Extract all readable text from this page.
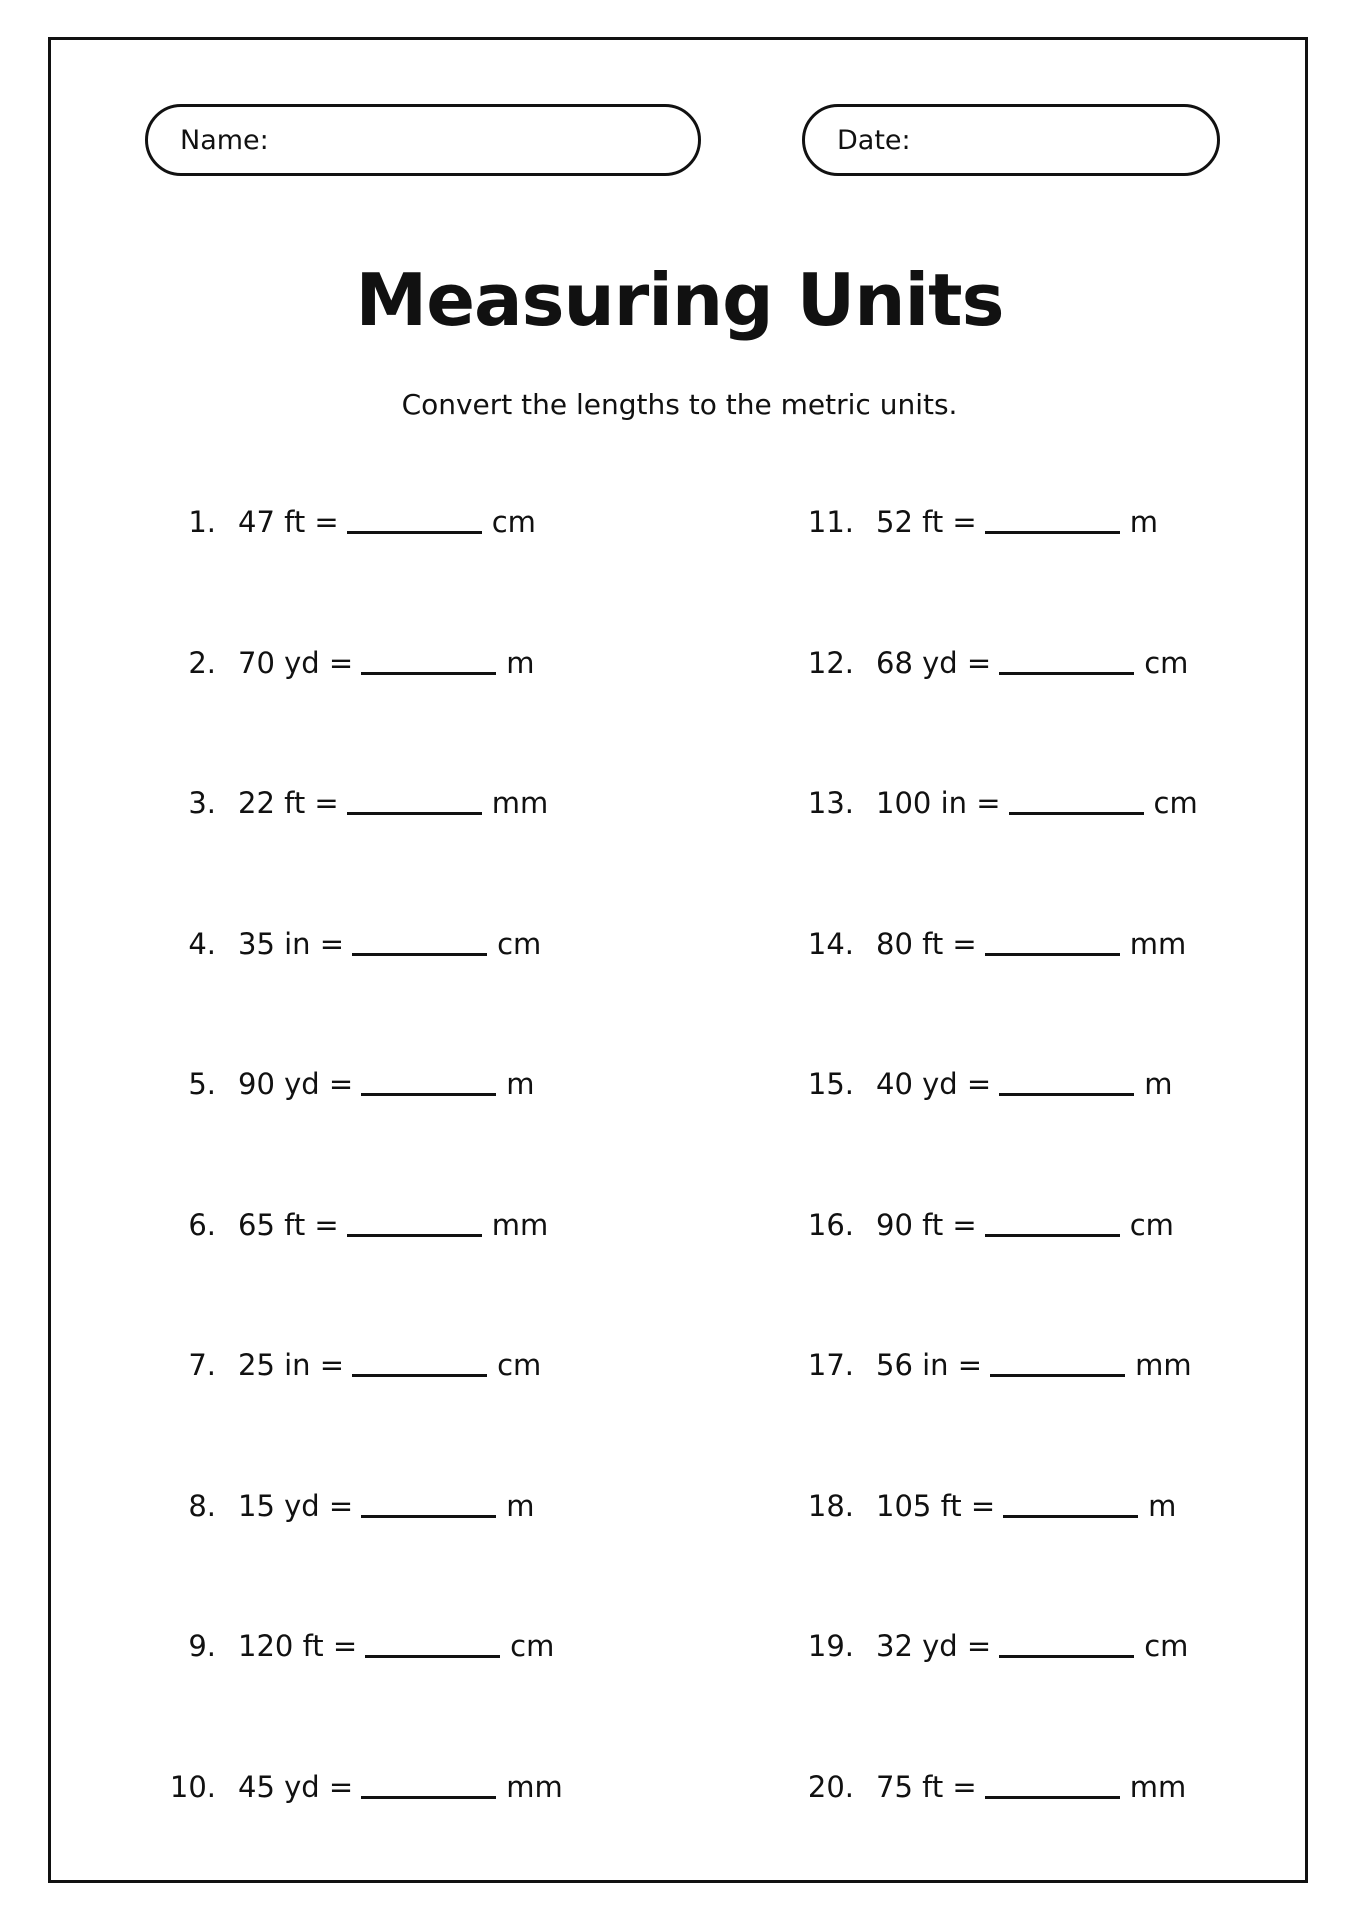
Name:	Date:
Measuring Units
Convert the lengths to the metric units.
1. 47 ft =	cm
2. 70 yd =	m
3. 22 ft =	mm
4. 35 in =	cm
5. 90 yd =	m
6. 65 ft =	mm
7. 25 in =	cm
8. 15 yd =	m
9. 120 ft =	cm
10. 45 yd =	mm
11. 52 ft =	m
12. 68 yd =	cm
13. 100 in =	cm
14. 80 ft =	mm
15. 40 yd =	m
16. 90 ft =	cm
17. 56 in =	mm
18. 105 ft =	m
19. 32 yd =	cm
20. 75 ft =	mm
